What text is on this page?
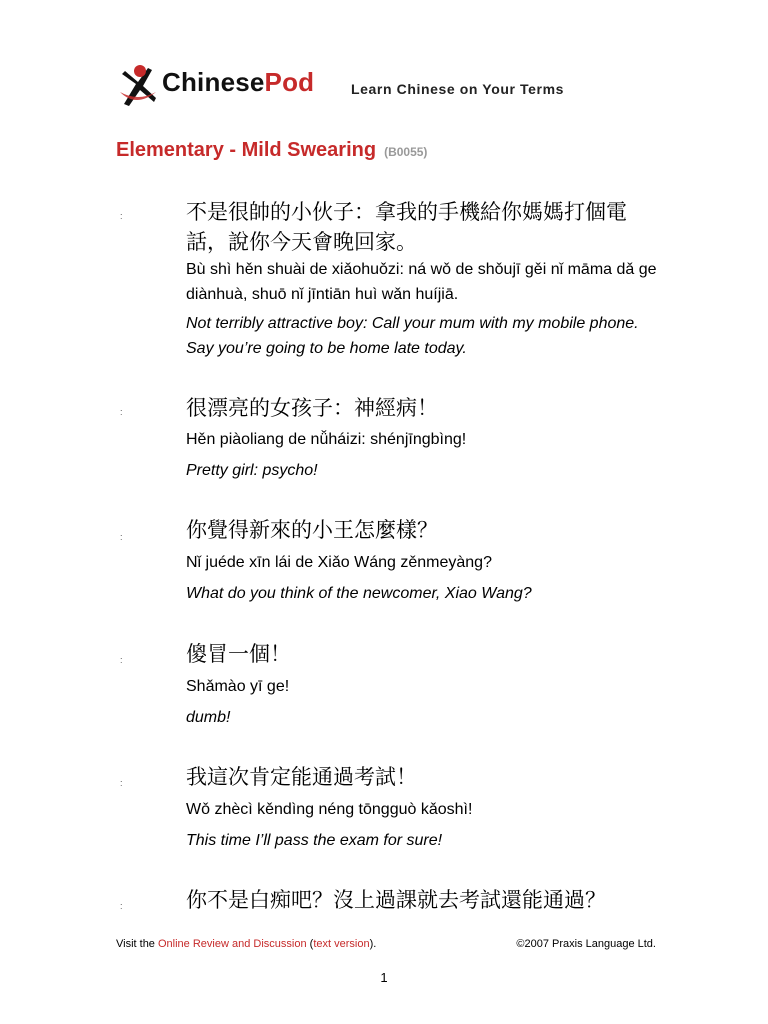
ChinesePod	Learn Chinese on Your Terms
Elementary - Mild Swearing (B0055)
:	不是很帥的小伙子：拿我的手機給你媽媽打個電話，說你今天會晚回家。

Bù shì hěn shuài de xiǎohuǒzi: ná wǒ de shǒujī gěi nǐ māma dǎ ge diànhuà, shuō nǐ jīntiān huì wǎn huíjiā.

Not terribly attractive boy: Call your mum with my mobile phone. Say you’re going to be home late today.

:	很漂亮的女孩子：神經病！

Hěn piàoliang de nǚháizi: shénjīngbìng!

Pretty girl: psycho!

:	你覺得新來的小王怎麼樣？

Nǐ juéde xīn lái de Xiǎo Wáng zěnmeyàng?

What do you think of the newcomer, Xiao Wang?

:	傻冒一個！

Shǎmào yī ge!

dumb!

:	我這次肯定能通過考試！

Wǒ zhècì kěndìng néng tōngguò kǎoshì!

This time I’ll pass the exam for sure!

:	你不是白痴吧？沒上過課就去考試還能通過？

Visit the Online Review and Discussion (text version).	©2007 Praxis Language Ltd.
1
